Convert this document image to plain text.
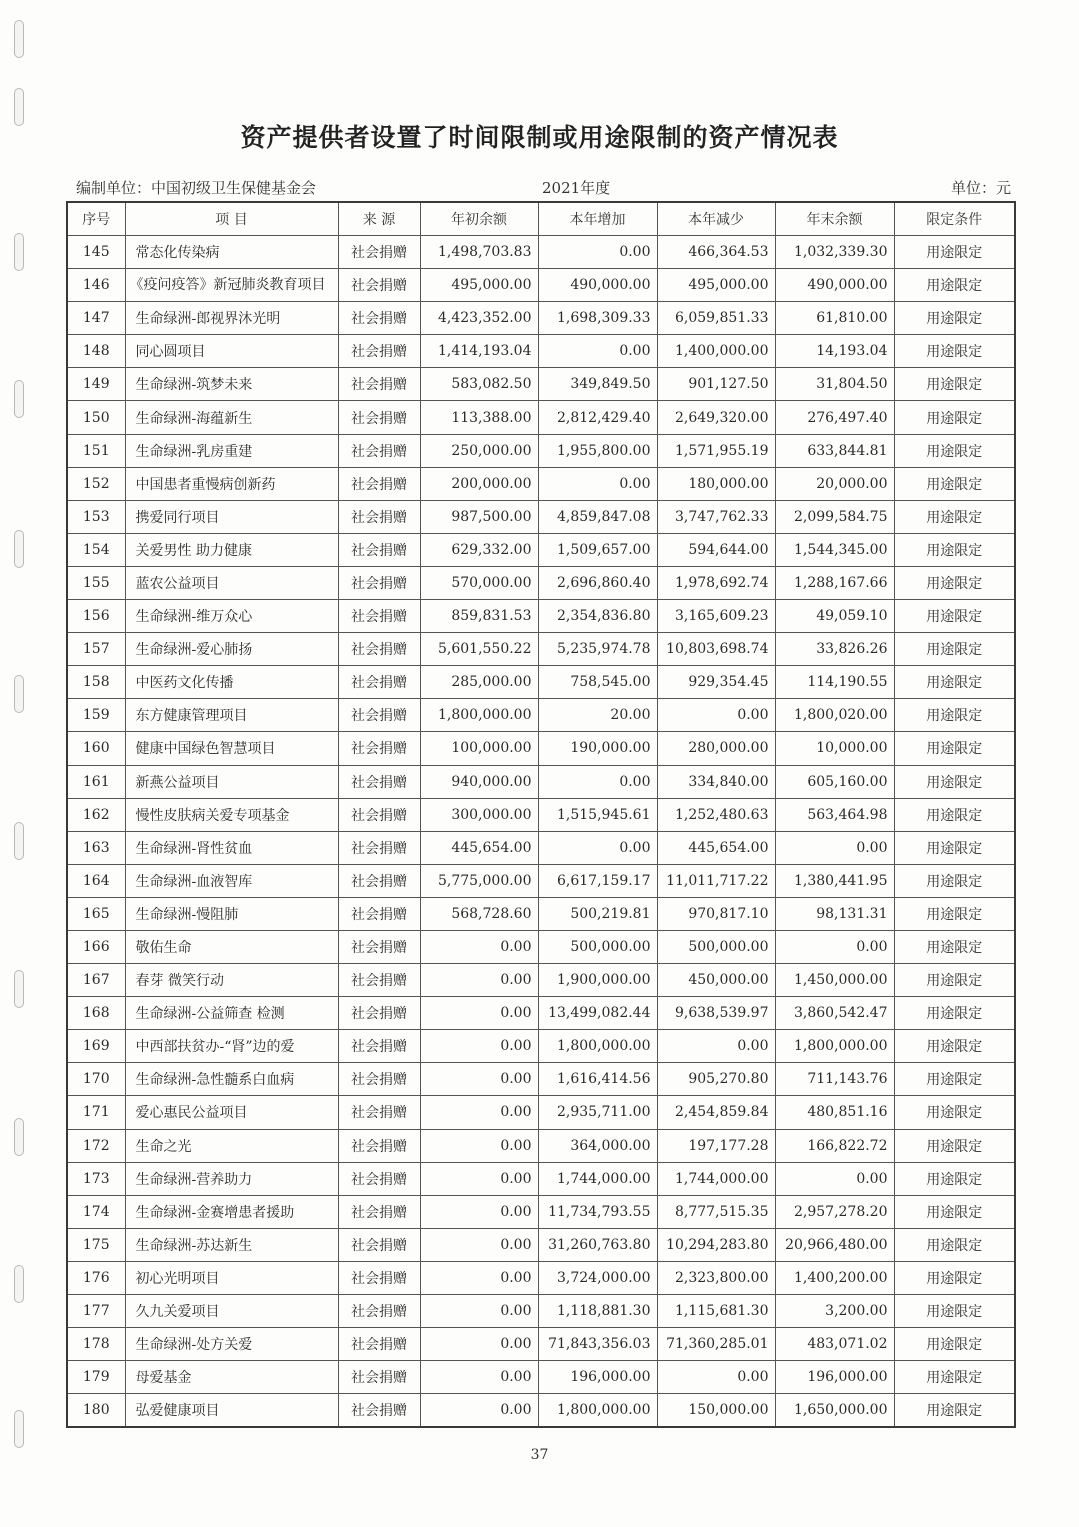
资产提供者设置了时间限制或用途限制的资产情况表
编制单位：中国初级卫生保健基金会	2021年度	单位：元
序号	项 目	来 源	年初余额	本年增加	本年减少	年末余额	限定条件
145	常态化传染病	社会捐赠	1,498,703.83	0.00	466,364.53	1,032,339.30	用途限定
146	《疫问疫答》新冠肺炎教育项目	社会捐赠	495,000.00	490,000.00	495,000.00	490,000.00	用途限定
147	生命绿洲-郎视界沐光明	社会捐赠	4,423,352.00	1,698,309.33	6,059,851.33	61,810.00	用途限定
148	同心圆项目	社会捐赠	1,414,193.04	0.00	1,400,000.00	14,193.04	用途限定
149	生命绿洲-筑梦未来	社会捐赠	583,082.50	349,849.50	901,127.50	31,804.50	用途限定
150	生命绿洲-海蕴新生	社会捐赠	113,388.00	2,812,429.40	2,649,320.00	276,497.40	用途限定
151	生命绿洲-乳房重建	社会捐赠	250,000.00	1,955,800.00	1,571,955.19	633,844.81	用途限定
152	中国患者重慢病创新药	社会捐赠	200,000.00	0.00	180,000.00	20,000.00	用途限定
153	携爱同行项目	社会捐赠	987,500.00	4,859,847.08	3,747,762.33	2,099,584.75	用途限定
154	关爱男性 助力健康	社会捐赠	629,332.00	1,509,657.00	594,644.00	1,544,345.00	用途限定
155	蓝农公益项目	社会捐赠	570,000.00	2,696,860.40	1,978,692.74	1,288,167.66	用途限定
156	生命绿洲-维万众心	社会捐赠	859,831.53	2,354,836.80	3,165,609.23	49,059.10	用途限定
157	生命绿洲-爱心肺扬	社会捐赠	5,601,550.22	5,235,974.78	10,803,698.74	33,826.26	用途限定
158	中医药文化传播	社会捐赠	285,000.00	758,545.00	929,354.45	114,190.55	用途限定
159	东方健康管理项目	社会捐赠	1,800,000.00	20.00	0.00	1,800,020.00	用途限定
160	健康中国绿色智慧项目	社会捐赠	100,000.00	190,000.00	280,000.00	10,000.00	用途限定
161	新燕公益项目	社会捐赠	940,000.00	0.00	334,840.00	605,160.00	用途限定
162	慢性皮肤病关爱专项基金	社会捐赠	300,000.00	1,515,945.61	1,252,480.63	563,464.98	用途限定
163	生命绿洲-肾性贫血	社会捐赠	445,654.00	0.00	445,654.00	0.00	用途限定
164	生命绿洲-血液智库	社会捐赠	5,775,000.00	6,617,159.17	11,011,717.22	1,380,441.95	用途限定
165	生命绿洲-慢阻肺	社会捐赠	568,728.60	500,219.81	970,817.10	98,131.31	用途限定
166	敬佑生命	社会捐赠	0.00	500,000.00	500,000.00	0.00	用途限定
167	春芽 微笑行动	社会捐赠	0.00	1,900,000.00	450,000.00	1,450,000.00	用途限定
168	生命绿洲-公益筛查 检测	社会捐赠	0.00	13,499,082.44	9,638,539.97	3,860,542.47	用途限定
169	中西部扶贫办-“肾”边的爱	社会捐赠	0.00	1,800,000.00	0.00	1,800,000.00	用途限定
170	生命绿洲-急性髓系白血病	社会捐赠	0.00	1,616,414.56	905,270.80	711,143.76	用途限定
171	爱心惠民公益项目	社会捐赠	0.00	2,935,711.00	2,454,859.84	480,851.16	用途限定
172	生命之光	社会捐赠	0.00	364,000.00	197,177.28	166,822.72	用途限定
173	生命绿洲-营养助力	社会捐赠	0.00	1,744,000.00	1,744,000.00	0.00	用途限定
174	生命绿洲-金赛增患者援助	社会捐赠	0.00	11,734,793.55	8,777,515.35	2,957,278.20	用途限定
175	生命绿洲-苏达新生	社会捐赠	0.00	31,260,763.80	10,294,283.80	20,966,480.00	用途限定
176	初心光明项目	社会捐赠	0.00	3,724,000.00	2,323,800.00	1,400,200.00	用途限定
177	久九关爱项目	社会捐赠	0.00	1,118,881.30	1,115,681.30	3,200.00	用途限定
178	生命绿洲-处方关爱	社会捐赠	0.00	71,843,356.03	71,360,285.01	483,071.02	用途限定
179	母爱基金	社会捐赠	0.00	196,000.00	0.00	196,000.00	用途限定
180	弘爱健康项目	社会捐赠	0.00	1,800,000.00	150,000.00	1,650,000.00	用途限定
37
